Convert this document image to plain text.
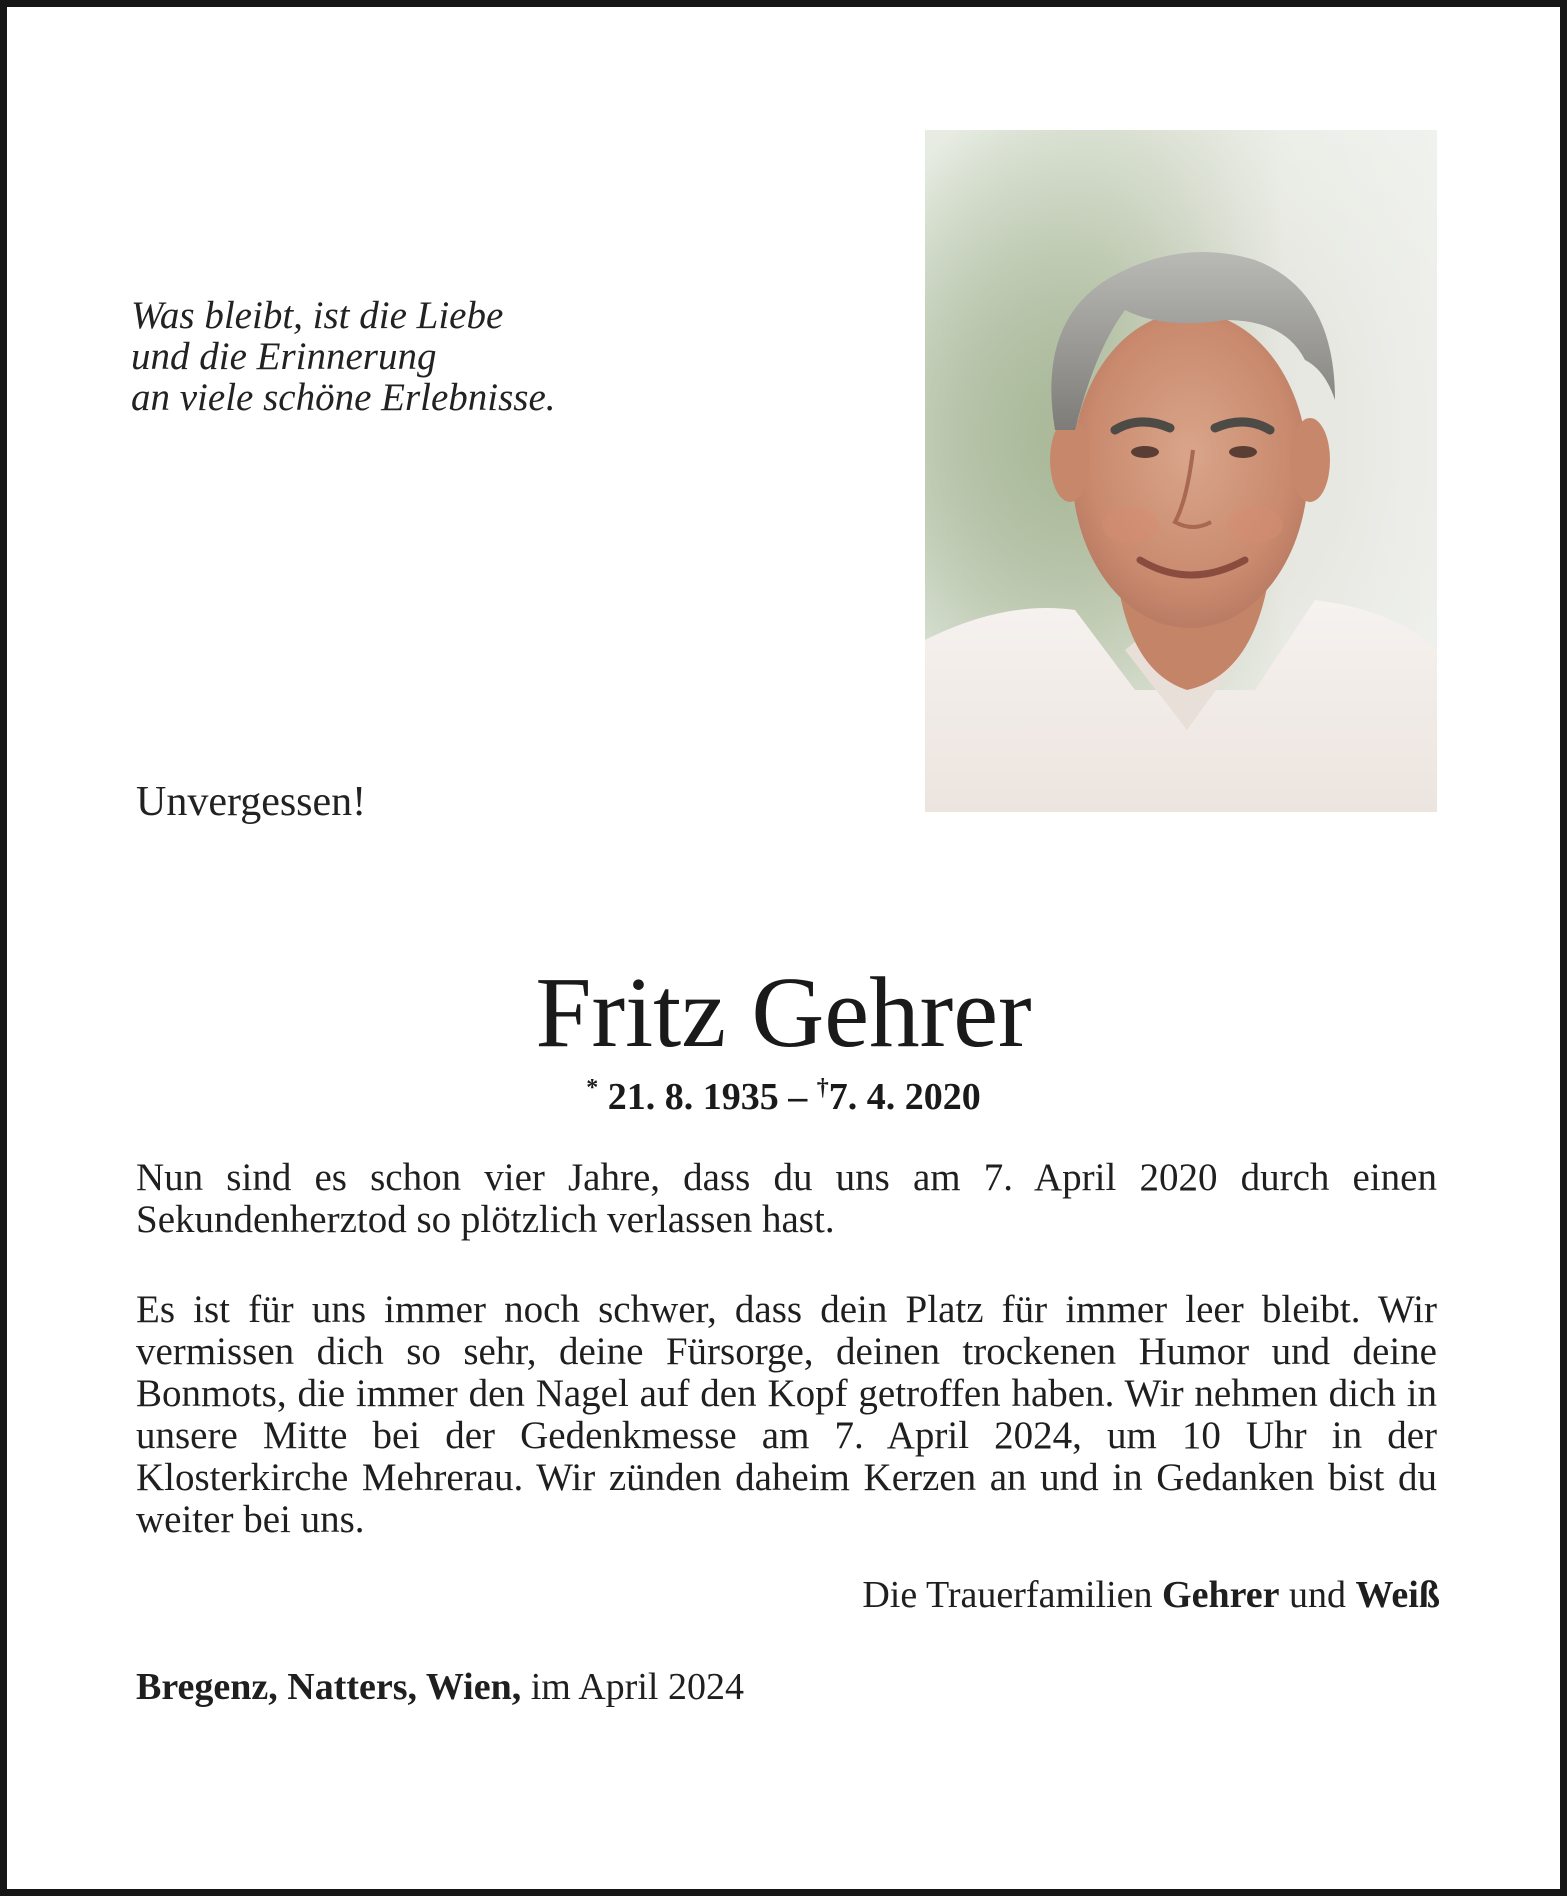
Was bleibt, ist die Liebe
und die Erinnerung
an viele schöne Erlebnisse.
Unvergessen!
Fritz Gehrer
* 21. 8. 1935 – †7. 4. 2020
Nun sind es schon vier Jahre, dass du uns am 7. April 2020 durch einen Sekundenherztod so plötzlich verlassen hast.
Es ist für uns immer noch schwer, dass dein Platz für immer leer bleibt. Wir vermissen dich so sehr, deine Fürsorge, deinen trockenen Humor und deine Bonmots, die immer den Nagel auf den Kopf getroffen haben. Wir nehmen dich in unsere Mitte bei der Gedenkmesse am 7. April 2024, um 10 Uhr in der Klosterkirche Mehrerau. Wir zünden daheim Kerzen an und in Gedanken bist du weiter bei uns.
Die Trauerfamilien Gehrer und Weiß
Bregenz, Natters, Wien, im April 2024
